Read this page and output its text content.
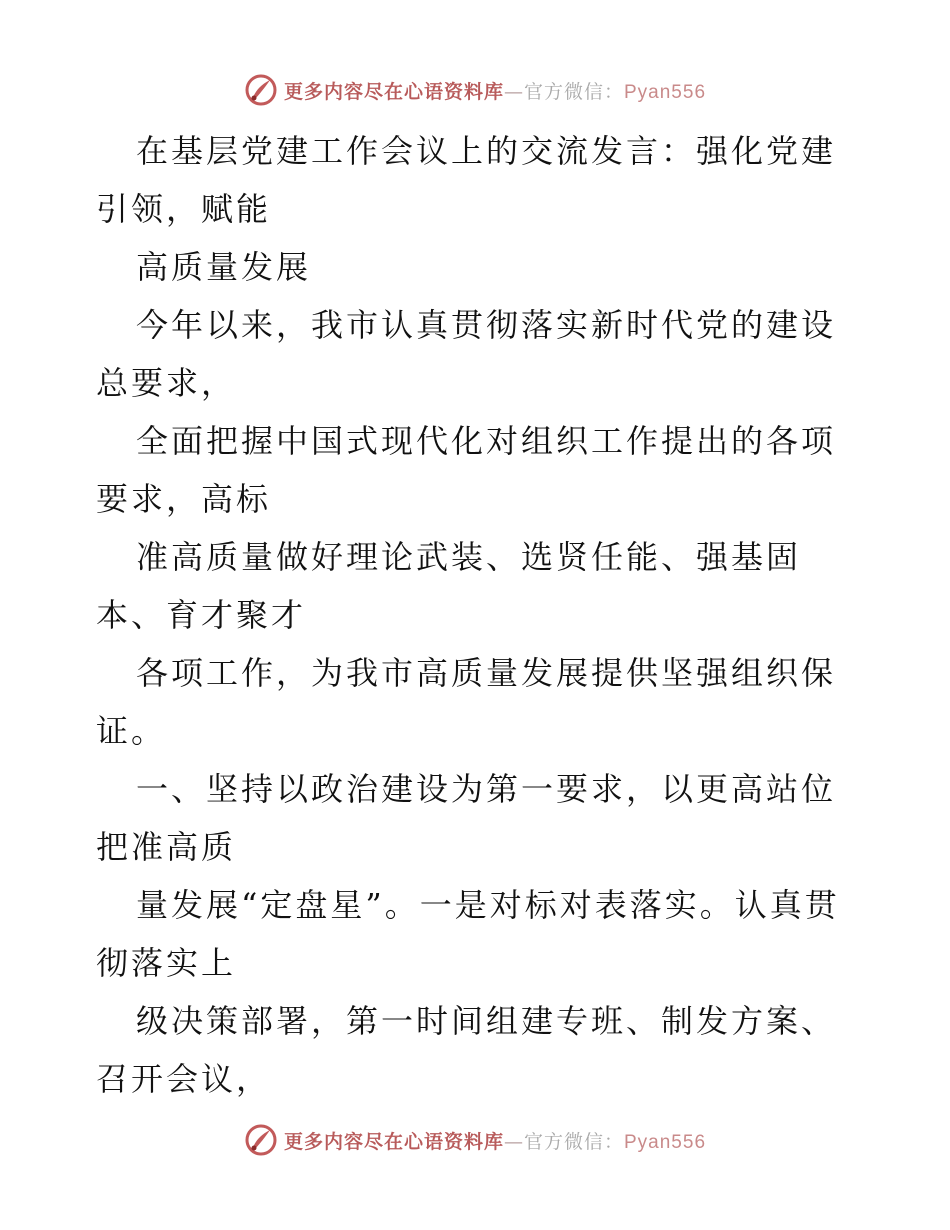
更多内容尽在心语资料库—官方微信：Pyan556

在基层党建工作会议上的交流发言：强化党建引领，赋能

高质量发展

今年以来，我市认真贯彻落实新时代党的建设总要求，

全面把握中国式现代化对组织工作提出的各项要求，高标

准高质量做好理论武装、选贤任能、强基固本、育才聚才

各项工作，为我市高质量发展提供坚强组织保证。

一、坚持以政治建设为第一要求，以更高站位把准高质

量发展“定盘星”。一是对标对表落实。认真贯彻落实上

级决策部署，第一时间组建专班、制发方案、召开会议，

更多内容尽在心语资料库—官方微信：Pyan556
